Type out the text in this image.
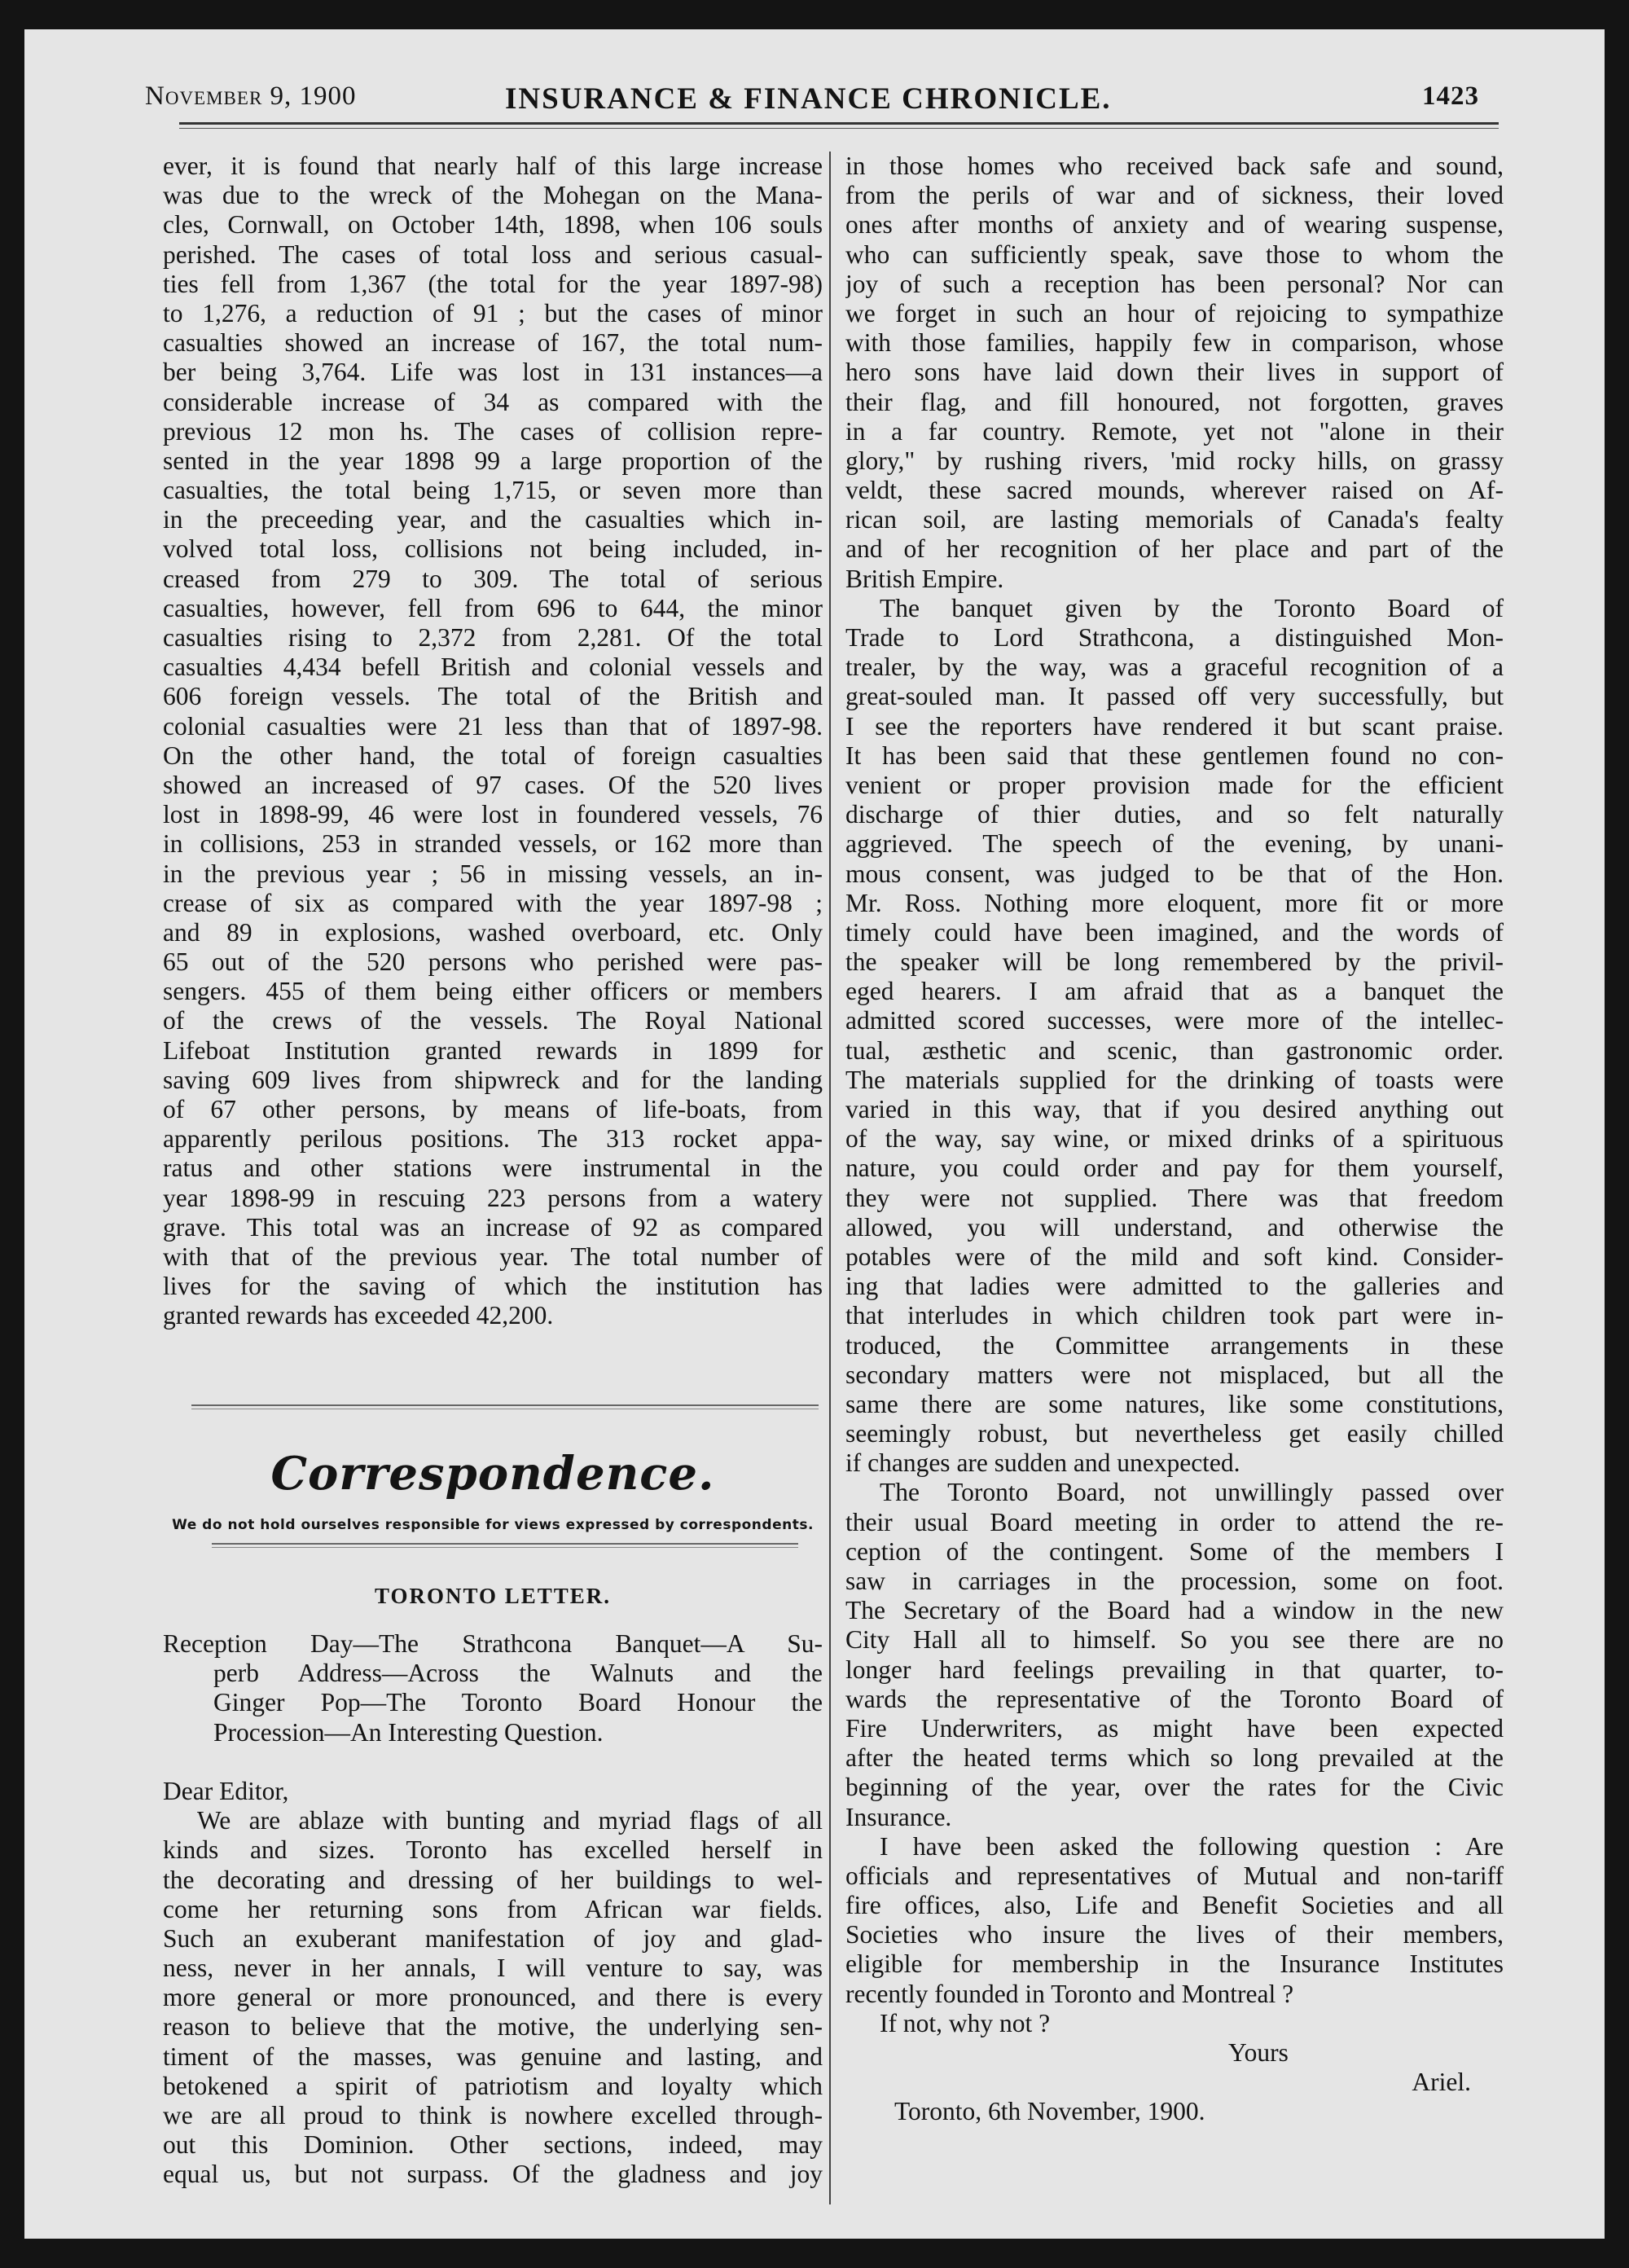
November 9, 1900	INSURANCE & FINANCE CHRONICLE.	1423
ever, it is found that nearly half of this large increase
was due to the wreck of the Mohegan on the Mana-
cles, Cornwall, on October 14th, 1898, when 106 souls
perished. The cases of total loss and serious casual-
ties fell from 1,367 (the total for the year 1897-98)
to 1,276, a reduction of 91 ; but the cases of minor
casualties showed an increase of 167, the total num-
ber being 3,764. Life was lost in 131 instances—a
considerable increase of 34 as compared with the
previous 12 mon hs. The cases of collision repre-
sented in the year 1898 99 a large proportion of the
casualties, the total being 1,715, or seven more than
in the preceeding year, and the casualties which in-
volved total loss, collisions not being included, in-
creased from 279 to 309. The total of serious
casualties, however, fell from 696 to 644, the minor
casualties rising to 2,372 from 2,281. Of the total
casualties 4,434 befell British and colonial vessels and
606 foreign vessels. The total of the British and
colonial casualties were 21 less than that of 1897-98.
On the other hand, the total of foreign casualties
showed an increased of 97 cases. Of the 520 lives
lost in 1898-99, 46 were lost in foundered vessels, 76
in collisions, 253 in stranded vessels, or 162 more than
in the previous year ; 56 in missing vessels, an in-
crease of six as compared with the year 1897-98 ;
and 89 in explosions, washed overboard, etc. Only
65 out of the 520 persons who perished were pas-
sengers. 455 of them being either officers or members
of the crews of the vessels. The Royal National
Lifeboat Institution granted rewards in 1899 for
saving 609 lives from shipwreck and for the landing
of 67 other persons, by means of life-boats, from
apparently perilous positions. The 313 rocket appa-
ratus and other stations were instrumental in the
year 1898-99 in rescuing 223 persons from a watery
grave. This total was an increase of 92 as compared
with that of the previous year. The total number of
lives for the saving of which the institution has
granted rewards has exceeded 42,200.
Correspondence.
We do not hold ourselves responsible for views expressed by correspondents.
TORONTO LETTER.
Reception Day—The Strathcona Banquet—A Su-
perb Address—Across the Walnuts and the
Ginger Pop—The Toronto Board Honour the
Procession—An Interesting Question.
Dear Editor,
We are ablaze with bunting and myriad flags of all
kinds and sizes. Toronto has excelled herself in
the decorating and dressing of her buildings to wel-
come her returning sons from African war fields.
Such an exuberant manifestation of joy and glad-
ness, never in her annals, I will venture to say, was
more general or more pronounced, and there is every
reason to believe that the motive, the underlying sen-
timent of the masses, was genuine and lasting, and
betokened a spirit of patriotism and loyalty which
we are all proud to think is nowhere excelled through-
out this Dominion. Other sections, indeed, may
equal us, but not surpass. Of the gladness and joy
in those homes who received back safe and sound,
from the perils of war and of sickness, their loved
ones after months of anxiety and of wearing suspense,
who can sufficiently speak, save those to whom the
joy of such a reception has been personal? Nor can
we forget in such an hour of rejoicing to sympathize
with those families, happily few in comparison, whose
hero sons have laid down their lives in support of
their flag, and fill honoured, not forgotten, graves
in a far country. Remote, yet not "alone in their
glory," by rushing rivers, 'mid rocky hills, on grassy
veldt, these sacred mounds, wherever raised on Af-
rican soil, are lasting memorials of Canada's fealty
and of her recognition of her place and part of the
British Empire.
The banquet given by the Toronto Board of
Trade to Lord Strathcona, a distinguished Mon-
trealer, by the way, was a graceful recognition of a
great-souled man. It passed off very successfully, but
I see the reporters have rendered it but scant praise.
It has been said that these gentlemen found no con-
venient or proper provision made for the efficient
discharge of thier duties, and so felt naturally
aggrieved. The speech of the evening, by unani-
mous consent, was judged to be that of the Hon.
Mr. Ross. Nothing more eloquent, more fit or more
timely could have been imagined, and the words of
the speaker will be long remembered by the privil-
eged hearers. I am afraid that as a banquet the
admitted scored successes, were more of the intellec-
tual, æsthetic and scenic, than gastronomic order.
The materials supplied for the drinking of toasts were
varied in this way, that if you desired anything out
of the way, say wine, or mixed drinks of a spirituous
nature, you could order and pay for them yourself,
they were not supplied. There was that freedom
allowed, you will understand, and otherwise the
potables were of the mild and soft kind. Consider-
ing that ladies were admitted to the galleries and
that interludes in which children took part were in-
troduced, the Committee arrangements in these
secondary matters were not misplaced, but all the
same there are some natures, like some constitutions,
seemingly robust, but nevertheless get easily chilled
if changes are sudden and unexpected.
The Toronto Board, not unwillingly passed over
their usual Board meeting in order to attend the re-
ception of the contingent. Some of the members I
saw in carriages in the procession, some on foot.
The Secretary of the Board had a window in the new
City Hall all to himself. So you see there are no
longer hard feelings prevailing in that quarter, to-
wards the representative of the Toronto Board of
Fire Underwriters, as might have been expected
after the heated terms which so long prevailed at the
beginning of the year, over the rates for the Civic
Insurance.
I have been asked the following question : Are
officials and representatives of Mutual and non-tariff
fire offices, also, Life and Benefit Societies and all
Societies who insure the lives of their members,
eligible for membership in the Insurance Institutes
recently founded in Toronto and Montreal ?
If not, why not ?
Yours
Ariel.
Toronto, 6th November, 1900.
